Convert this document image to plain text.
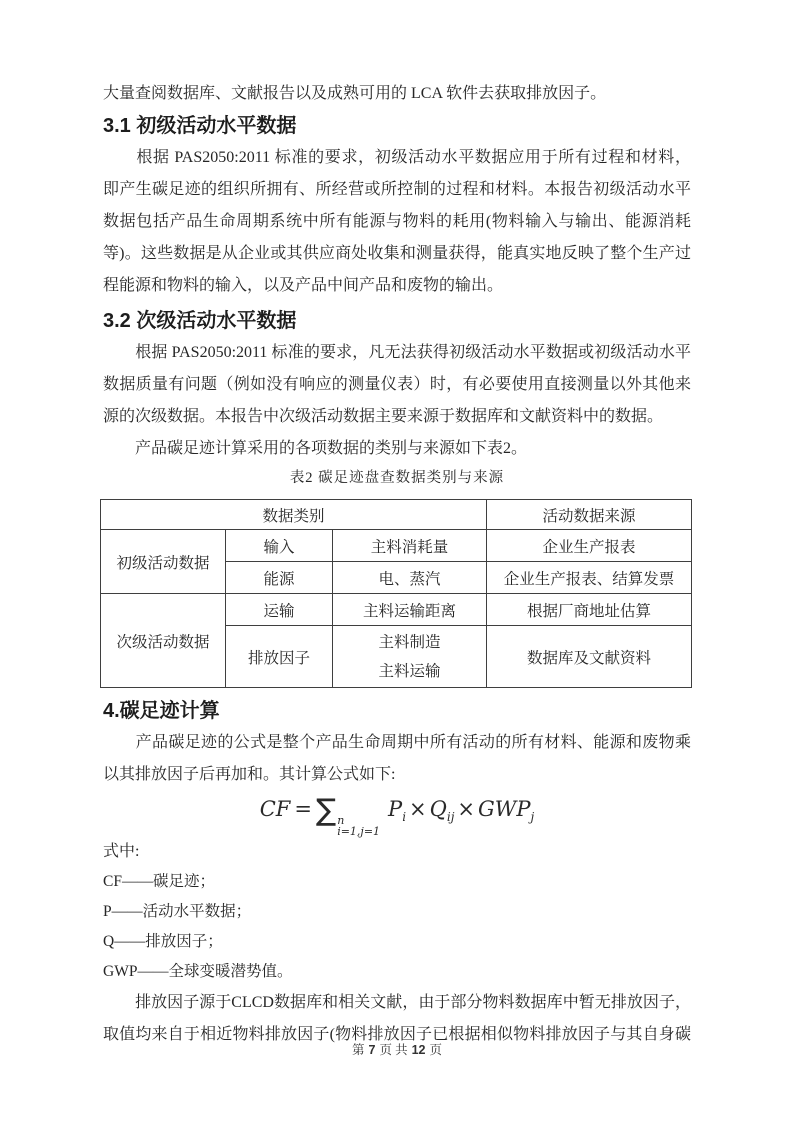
大量查阅数据库、文献报告以及成熟可用的 LCA 软件去获取排放因子。
3.1 初级活动水平数据
　　根据 PAS2050:2011 标准的要求，初级活动水平数据应用于所有过程和材料，
即产生碳足迹的组织所拥有、所经营或所控制的过程和材料。本报告初级活动水平
数据包括产品生命周期系统中所有能源与物料的耗用(物料输入与输出、能源消耗
等)。这些数据是从企业或其供应商处收集和测量获得，能真实地反映了整个生产过
程能源和物料的输入，以及产品中间产品和废物的输出。
3.2 次级活动水平数据
　　根据 PAS2050:2011 标准的要求，凡无法获得初级活动水平数据或初级活动水平
数据质量有问题（例如没有响应的测量仪表）时，有必要使用直接测量以外其他来
源的次级数据。本报告中次级活动数据主要来源于数据库和文献资料中的数据。
　　产品碳足迹计算采用的各项数据的类别与来源如下表2。
表2 碳足迹盘查数据类别与来源
数据类别			活动数据来源
初级活动数据	输入	主料消耗量	企业生产报表
	能源	电、蒸汽	企业生产报表、结算发票
次级活动数据	运输	主料运输距离	根据厂商地址估算
	排放因子	主料制造
主料运输	数据库及文献资料
4.碳足迹计算
　　产品碳足迹的公式是整个产品生命周期中所有活动的所有材料、能源和废物乘
以其排放因子后再加和。其计算公式如下:
CF = ∑ n
i=1,j=1
$P_i \times Q_{ij} \times GWP_j$
式中:
CF——碳足迹；
P——活动水平数据；
Q——排放因子；
GWP——全球变暖潜势值。
　　排放因子源于CLCD数据库和相关文献，由于部分物料数据库中暂无排放因子，
取值均来自于相近物料排放因子(物料排放因子已根据相似物料排放因子与其自身碳
第 7 页 共 12 页
